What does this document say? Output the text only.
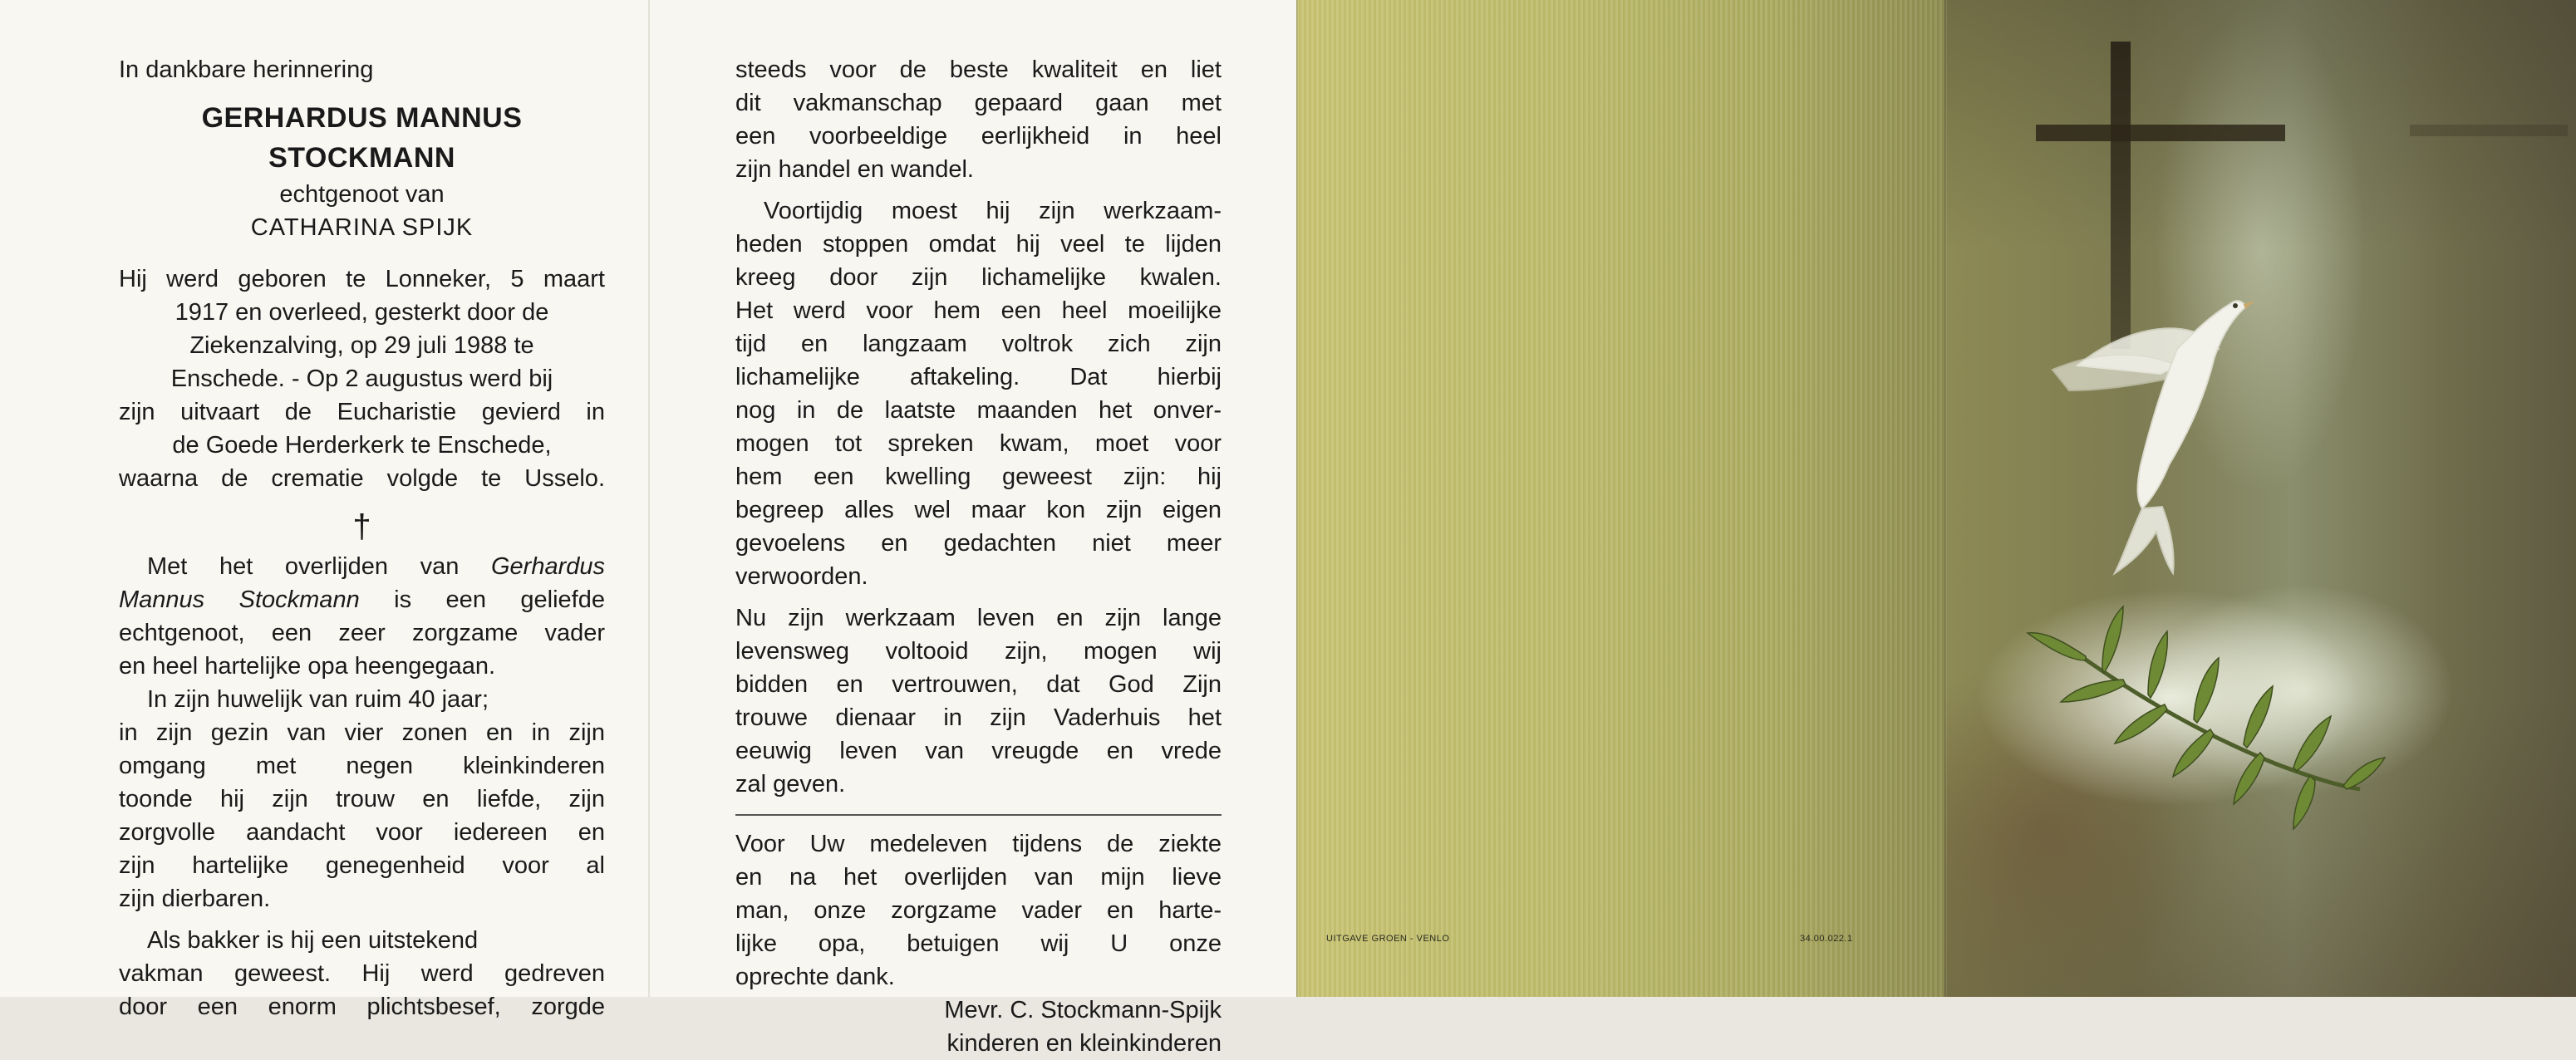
In dankbare herinnering
GERHARDUS MANNUS
STOCKMANN
echtgenoot van
CATHARINA SPIJK
Hij werd geboren te Lonneker, 5 maart
1917 en overleed, gesterkt door de
Ziekenzalving, op 29 juli 1988 te
Enschede. - Op 2 augustus werd bij
zijn uitvaart de Eucharistie gevierd in
de Goede Herderkerk te Enschede,
waarna de crematie volgde te Usselo.
†
Met het overlijden van Gerhardus
Mannus Stockmann is een geliefde
echtgenoot, een zeer zorgzame vader
en heel hartelijke opa heengegaan.
In zijn huwelijk van ruim 40 jaar;
in zijn gezin van vier zonen en in zijn
omgang met negen kleinkinderen
toonde hij zijn trouw en liefde, zijn
zorgvolle aandacht voor iedereen en
zijn hartelijke genegenheid voor al
zijn dierbaren.
Als bakker is hij een uitstekend
vakman geweest. Hij werd gedreven
door een enorm plichtsbesef, zorgde
steeds voor de beste kwaliteit en liet
dit vakmanschap gepaard gaan met
een voorbeeldige eerlijkheid in heel
zijn handel en wandel.
Voortijdig moest hij zijn werkzaam-
heden stoppen omdat hij veel te lijden
kreeg door zijn lichamelijke kwalen.
Het werd voor hem een heel moeilijke
tijd en langzaam voltrok zich zijn
lichamelijke aftakeling. Dat hierbij
nog in de laatste maanden het onver-
mogen tot spreken kwam, moet voor
hem een kwelling geweest zijn: hij
begreep alles wel maar kon zijn eigen
gevoelens en gedachten niet meer
verwoorden.
Nu zijn werkzaam leven en zijn lange
levensweg voltooid zijn, mogen wij
bidden en vertrouwen, dat God Zijn
trouwe dienaar in zijn Vaderhuis het
eeuwig leven van vreugde en vrede
zal geven.
Voor Uw medeleven tijdens de ziekte
en na het overlijden van mijn lieve
man, onze zorgzame vader en harte-
lijke opa, betuigen wij U onze
oprechte dank.
Mevr. C. Stockmann-Spijk
kinderen en kleinkinderen
UITGAVE GROEN - VENLO	34.00.022.1
